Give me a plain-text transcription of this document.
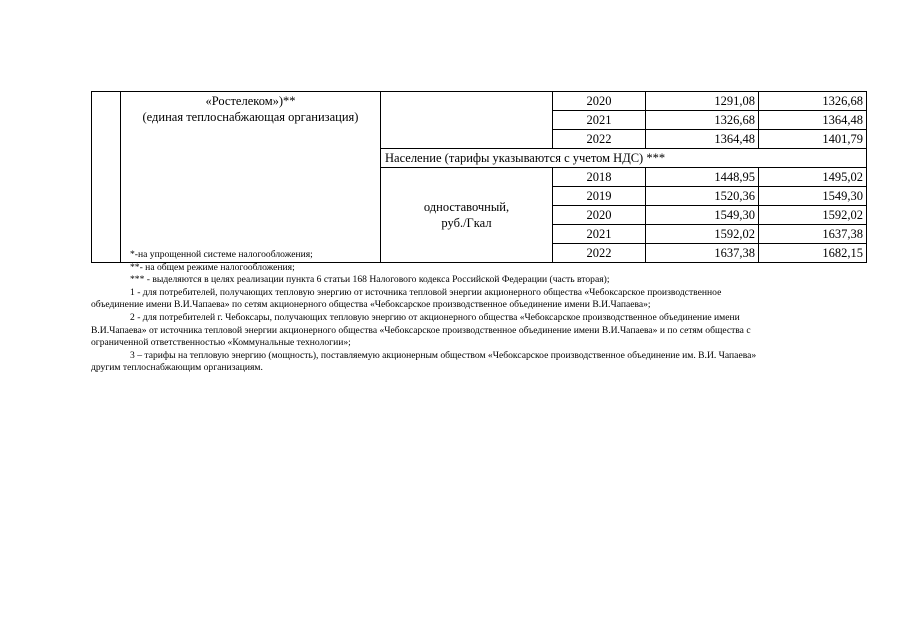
	«Ростелеком»)**
(единая теплоснабжающая организация)		2020	1291,08	1326,68
			2021	1326,68	1364,48
			2022	1364,48	1401,79
		Население (тарифы указываются с учетом НДС) ***			

		одноставочный,
руб./Гкал	2018	1448,95	1495,02
			2019	1520,36	1549,30
			2020	1549,30	1592,02
			2021	1592,02	1637,38
			2022	1637,38	1682,15

*-на упрощенной системе налогообложения;

**- на общем режиме налогообложения;

*** - выделяются в целях реализации пункта 6 статьи 168 Налогового кодекса Российской Федерации (часть вторая);

1 - для потребителей, получающих тепловую энергию от источника тепловой энергии акционерного общества «Чебоксарское производственное

объединение имени В.И.Чапаева» по сетям акционерного общества «Чебоксарское производственное объединение имени В.И.Чапаева»;

2 - для потребителей г. Чебоксары, получающих тепловую энергию от акционерного общества «Чебоксарское производственное объединение имени

В.И.Чапаева» от источника тепловой энергии акционерного общества «Чебоксарское производственное объединение имени В.И.Чапаева» и по сетям общества с

ограниченной ответственностью «Коммунальные технологии»;

3 – тарифы на тепловую энергию (мощность), поставляемую акционерным обществом «Чебоксарское производственное объединение им. В.И. Чапаева»

другим теплоснабжающим организациям.
